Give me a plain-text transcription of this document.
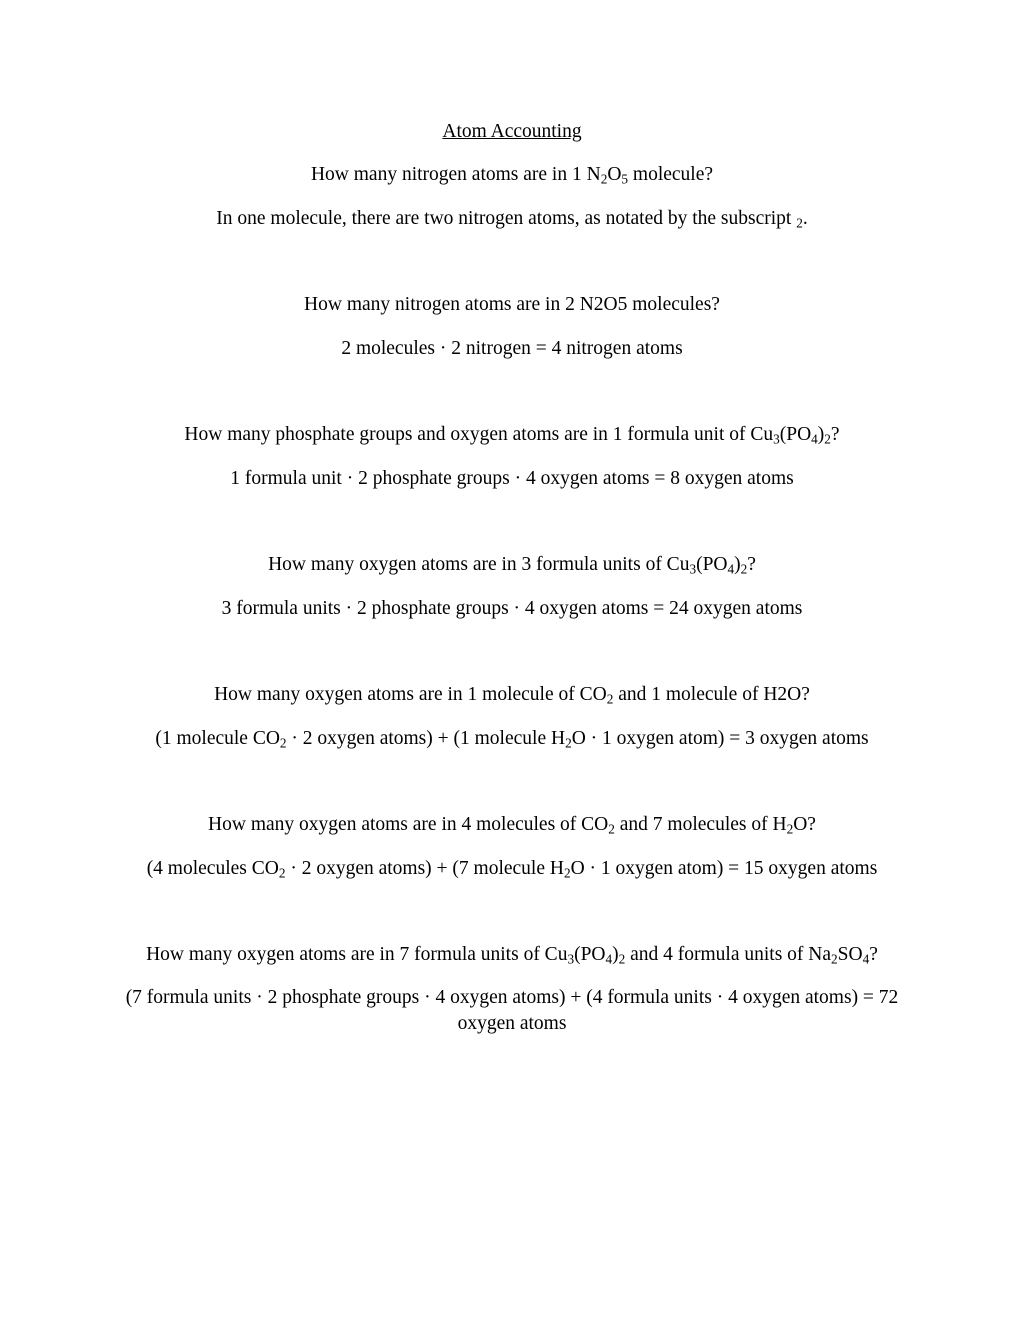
Atom Accounting
How many nitrogen atoms are in 1 $N_2O_5$ molecule?
In one molecule, there are two nitrogen atoms, as notated by the subscript $_2$.
How many nitrogen atoms are in 2 N2O5 molecules?
2 molecules · 2 nitrogen = 4 nitrogen atoms
How many phosphate groups and oxygen atoms are in 1 formula unit of $Cu_3(PO_4)_2$?
1 formula unit · 2 phosphate groups · 4 oxygen atoms = 8 oxygen atoms
How many oxygen atoms are in 3 formula units of $Cu_3(PO_4)_2$?
3 formula units · 2 phosphate groups · 4 oxygen atoms = 24 oxygen atoms
How many oxygen atoms are in 1 molecule of $CO_2$ and 1 molecule of H2O?
(1 molecule $CO_2 \cdot 2$ oxygen atoms) + (1 molecule $H_2O \cdot 1$ oxygen atom) = 3 oxygen atoms
How many oxygen atoms are in 4 molecules of $CO_2$ and 7 molecules of $H_2O$?
(4 molecules $CO_2 \cdot 2$ oxygen atoms) + (7 molecule $H_2O \cdot 1$ oxygen atom) = 15 oxygen atoms
How many oxygen atoms are in 7 formula units of $Cu_3(PO_4)_2$ and 4 formula units of $Na_2SO_4$?
(7 formula units · 2 phosphate groups · 4 oxygen atoms) + (4 formula units · 4 oxygen atoms) = 72 oxygen atoms
